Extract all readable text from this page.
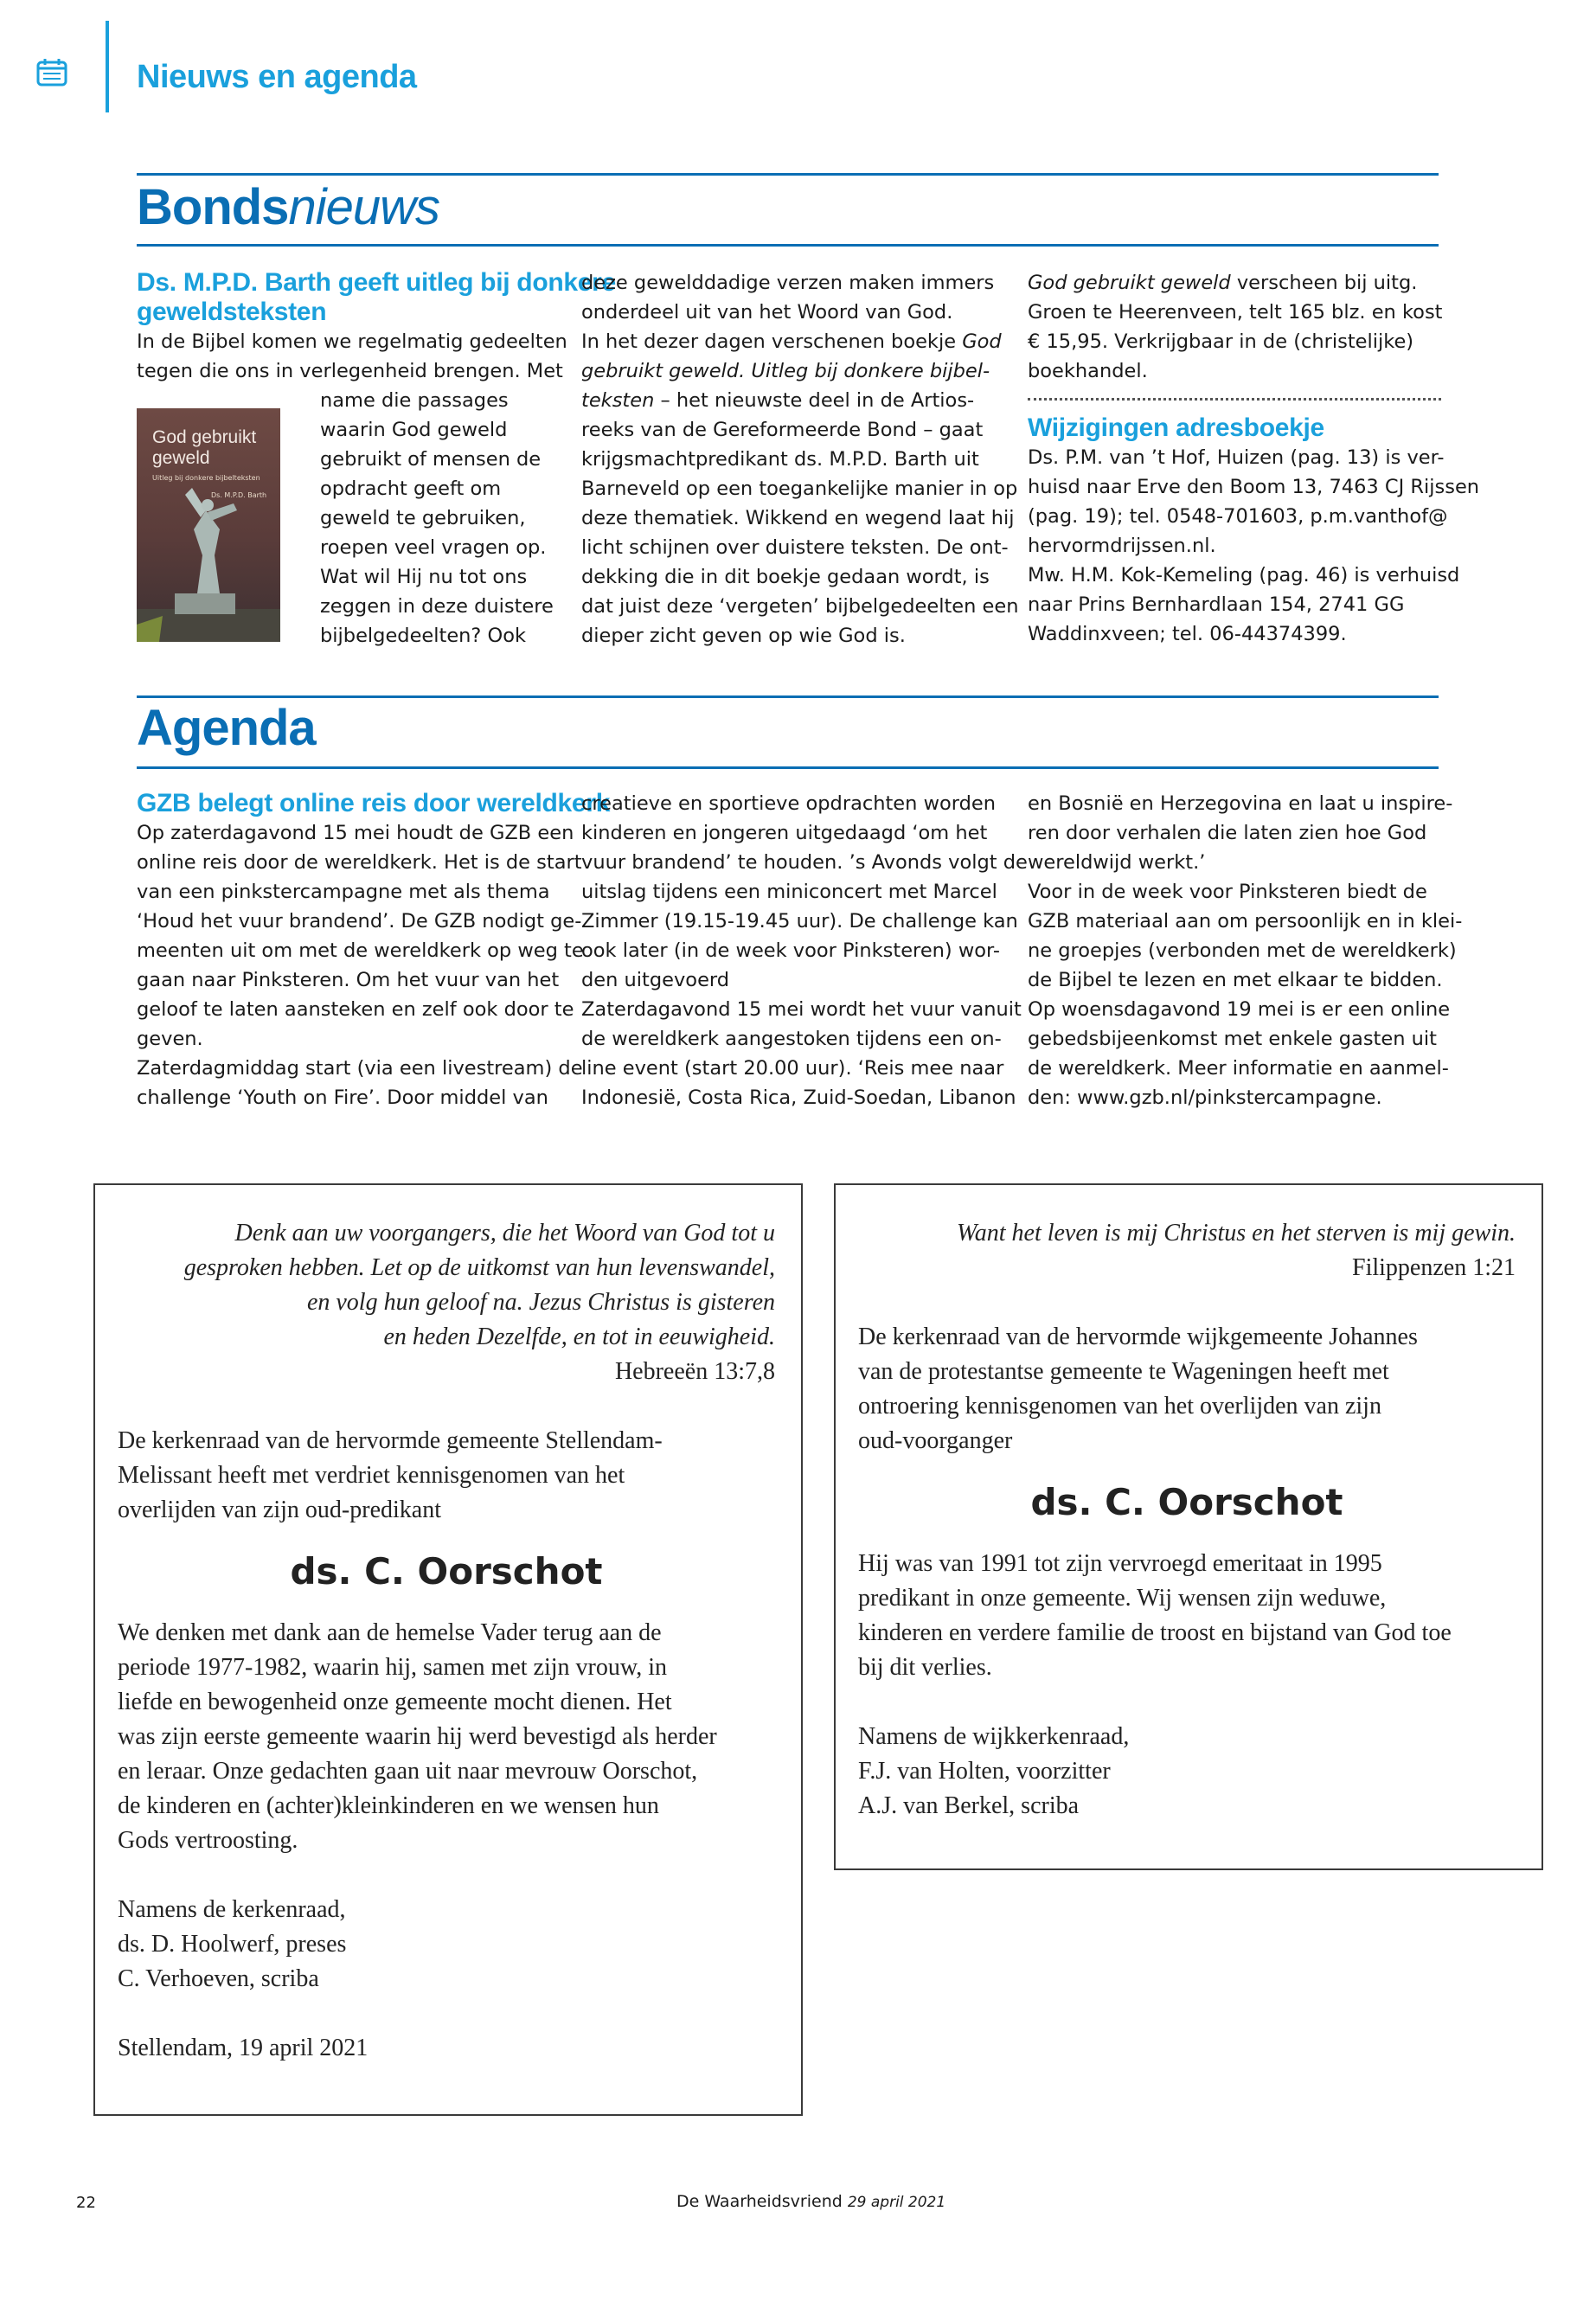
Nieuws en agenda
Bondsnieuws
Ds. M.P.D. Barth geeft uitleg bij donkere
geweldsteksten
In de Bijbel komen we regelmatig gedeelten
tegen die ons in verlegenheid brengen. Met
name die passages
waarin God geweld
gebruikt of mensen de
opdracht geeft om
geweld te gebruiken,
roepen veel vragen op.
Wat wil Hij nu tot ons
zeggen in deze duistere
bijbelgedeelten? Ook
God gebruikt geweld
Uitleg bij donkere bijbelteksten
Ds. M.P.D. Barth
deze gewelddadige verzen maken immers
onderdeel uit van het Woord van God.
In het dezer dagen verschenen boekje God
gebruikt geweld. Uitleg bij donkere bijbel-
teksten – het nieuwste deel in de Artios-
reeks van de Gereformeerde Bond – gaat
krijgsmachtpredikant ds. M.P.D. Barth uit
Barneveld op een toegankelijke manier in op
deze thematiek. Wikkend en wegend laat hij
licht schijnen over duistere teksten. De ont-
dekking die in dit boekje gedaan wordt, is
dat juist deze ‘vergeten’ bijbelgedeelten een
dieper zicht geven op wie God is.
God gebruikt geweld verscheen bij uitg.
Groen te Heerenveen, telt 165 blz. en kost
€ 15,95. Verkrijgbaar in de (christelijke)
boekhandel.
Wijzigingen adresboekje
Ds. P.M. van ’t Hof, Huizen (pag. 13) is ver-
huisd naar Erve den Boom 13, 7463 CJ Rijssen
(pag. 19); tel. 0548-701603, p.m.vanthof@
hervormdrijssen.nl.
Mw. H.M. Kok-Kemeling (pag. 46) is verhuisd
naar Prins Bernhardlaan 154, 2741 GG
Waddinxveen; tel. 06-44374399.
Agenda
GZB belegt online reis door wereldkerk
Op zaterdagavond 15 mei houdt de GZB een
online reis door de wereldkerk. Het is de start
van een pinkstercampagne met als thema
‘Houd het vuur brandend’. De GZB nodigt ge-
meenten uit om met de wereldkerk op weg te
gaan naar Pinksteren. Om het vuur van het
geloof te laten aansteken en zelf ook door te
geven.
Zaterdagmiddag start (via een livestream) de
challenge ‘Youth on Fire’. Door middel van
creatieve en sportieve opdrachten worden
kinderen en jongeren uitgedaagd ‘om het
vuur brandend’ te houden. ’s Avonds volgt de
uitslag tijdens een miniconcert met Marcel
Zimmer (19.15-19.45 uur). De challenge kan
ook later (in de week voor Pinksteren) wor-
den uitgevoerd
Zaterdagavond 15 mei wordt het vuur vanuit
de wereldkerk aangestoken tijdens een on-
line event (start 20.00 uur). ‘Reis mee naar
Indonesië, Costa Rica, Zuid-Soedan, Libanon
en Bosnië en Herzegovina en laat u inspire-
ren door verhalen die laten zien hoe God
wereldwijd werkt.’
Voor in de week voor Pinksteren biedt de
GZB materiaal aan om persoonlijk en in klei-
ne groepjes (verbonden met de wereldkerk)
de Bijbel te lezen en met elkaar te bidden.
Op woensdagavond 19 mei is er een online
gebedsbijeenkomst met enkele gasten uit
de wereldkerk. Meer informatie en aanmel-
den: www.gzb.nl/pinkstercampagne.
Denk aan uw voorgangers, die het Woord van God tot u
gesproken hebben. Let op de uitkomst van hun levenswandel,
en volg hun geloof na. Jezus Christus is gisteren
en heden Dezelfde, en tot in eeuwigheid.
Hebreeën 13:7,8
De kerkenraad van de hervormde gemeente Stellendam-
Melissant heeft met verdriet kennisgenomen van het
overlijden van zijn oud-predikant
ds. C. Oorschot
We denken met dank aan de hemelse Vader terug aan de
periode 1977-1982, waarin hij, samen met zijn vrouw, in
liefde en bewogenheid onze gemeente mocht dienen. Het
was zijn eerste gemeente waarin hij werd bevestigd als herder
en leraar. Onze gedachten gaan uit naar mevrouw Oorschot,
de kinderen en (achter)kleinkinderen en we wensen hun
Gods vertroosting.
Namens de kerkenraad,
ds. D. Hoolwerf, preses
C. Verhoeven, scriba
Stellendam, 19 april 2021
Want het leven is mij Christus en het sterven is mij gewin.
Filippenzen 1:21
De kerkenraad van de hervormde wijkgemeente Johannes
van de protestantse gemeente te Wageningen heeft met
ontroering kennisgenomen van het overlijden van zijn
oud-voorganger
ds. C. Oorschot
Hij was van 1991 tot zijn vervroegd emeritaat in 1995
predikant in onze gemeente. Wij wensen zijn weduwe,
kinderen en verdere familie de troost en bijstand van God toe
bij dit verlies.
Namens de wijkkerkenraad,
F.J. van Holten, voorzitter
A.J. van Berkel, scriba
22	De Waarheidsvriend 29 april 2021
